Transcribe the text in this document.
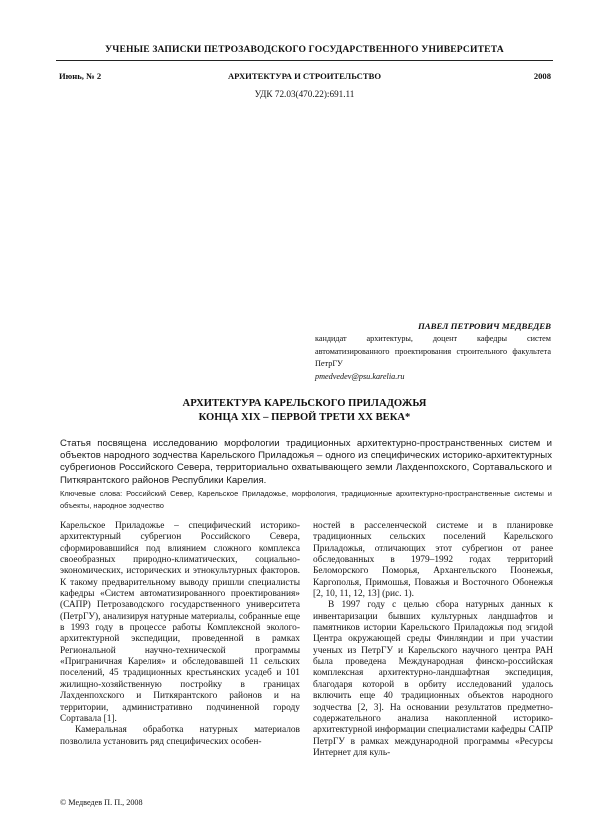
УЧЕНЫЕ ЗАПИСКИ ПЕТРОЗАВОДСКОГО ГОСУДАРСТВЕННОГО УНИВЕРСИТЕТА
АРХИТЕКТУРА И СТРОИТЕЛЬСТВО
Июнь, № 2	2008
УДК 72.03(470.22):691.11
ПАВЕЛ ПЕТРОВИЧ МЕДВЕДЕВ
кандидат архитектуры, доцент кафедры систем автоматизированного проектирования строительного факультета ПетрГУ
pmedvedev@psu.karelia.ru
АРХИТЕКТУРА КАРЕЛЬСКОГО ПРИЛАДОЖЬЯ
КОНЦА XIX – ПЕРВОЙ ТРЕТИ XX ВЕКА*
Статья посвящена исследованию морфологии традиционных архитектурно-пространственных систем и объектов народного зодчества Карельского Приладожья – одного из специфических историко-архитектурных субрегионов Российского Севера, территориально охватывающего земли Лахденпохского, Сортавальского и Питкярантского районов Республики Карелия.
Ключевые слова: Российский Север, Карельское Приладожье, морфология, традиционные архитектурно-пространственные системы и объекты, народное зодчество

Карельское Приладожье – специфический историко-архитектурный субрегион Российского Севера, сформировавшийся под влиянием сложного комплекса своеобразных природно-климатических, социально-экономических, исторических и этнокультурных факторов. К такому предварительному выводу пришли специалисты кафедры «Систем автоматизированного проектирования» (САПР) Петрозаводского государственного университета (ПетрГУ), анализируя натурные материалы, собранные еще в 1993 году в процессе работы Комплексной эколого-архитектурной экспедиции, проведенной в рамках Региональной научно-технической программы «Приграничная Карелия» и обследовавшей 11 сельских поселений, 45 традиционных крестьянских усадеб и 101 жилищно-хозяйственную постройку в границах Лахденпохского и Питкярантского районов и на территории, административно подчиненной городу Сортавала [1].

Камеральная обработка натурных материалов позволила установить ряд специфических особен-

ностей в расселенческой системе и в планировке традиционных сельских поселений Карельского Приладожья, отличающих этот субрегион от ранее обследованных в 1979–1992 годах территорий Беломорского Поморья, Архангельского Поонежья, Каргополья, Примошья, Поважья и Восточного Обонежья [2, 10, 11, 12, 13] (рис. 1).

В 1997 году с целью сбора натурных данных к инвентаризации бывших культурных ландшафтов и памятников истории Карельского Приладожья под эгидой Центра окружающей среды Финляндии и при участии ученых из ПетрГУ и Карельского научного центра РАН была проведена Международная финско-российская комплексная архитектурно-ландшафтная экспедиция, благодаря которой в орбиту исследований удалось включить еще 40 традиционных объектов народного зодчества [2, 3]. На основании результатов предметно-содержательного анализа накопленной историко-архитектурной информации специалистами кафедры САПР ПетрГУ в рамках международной программы «Ресурсы Интернет для куль-

© Медведев П. П., 2008
